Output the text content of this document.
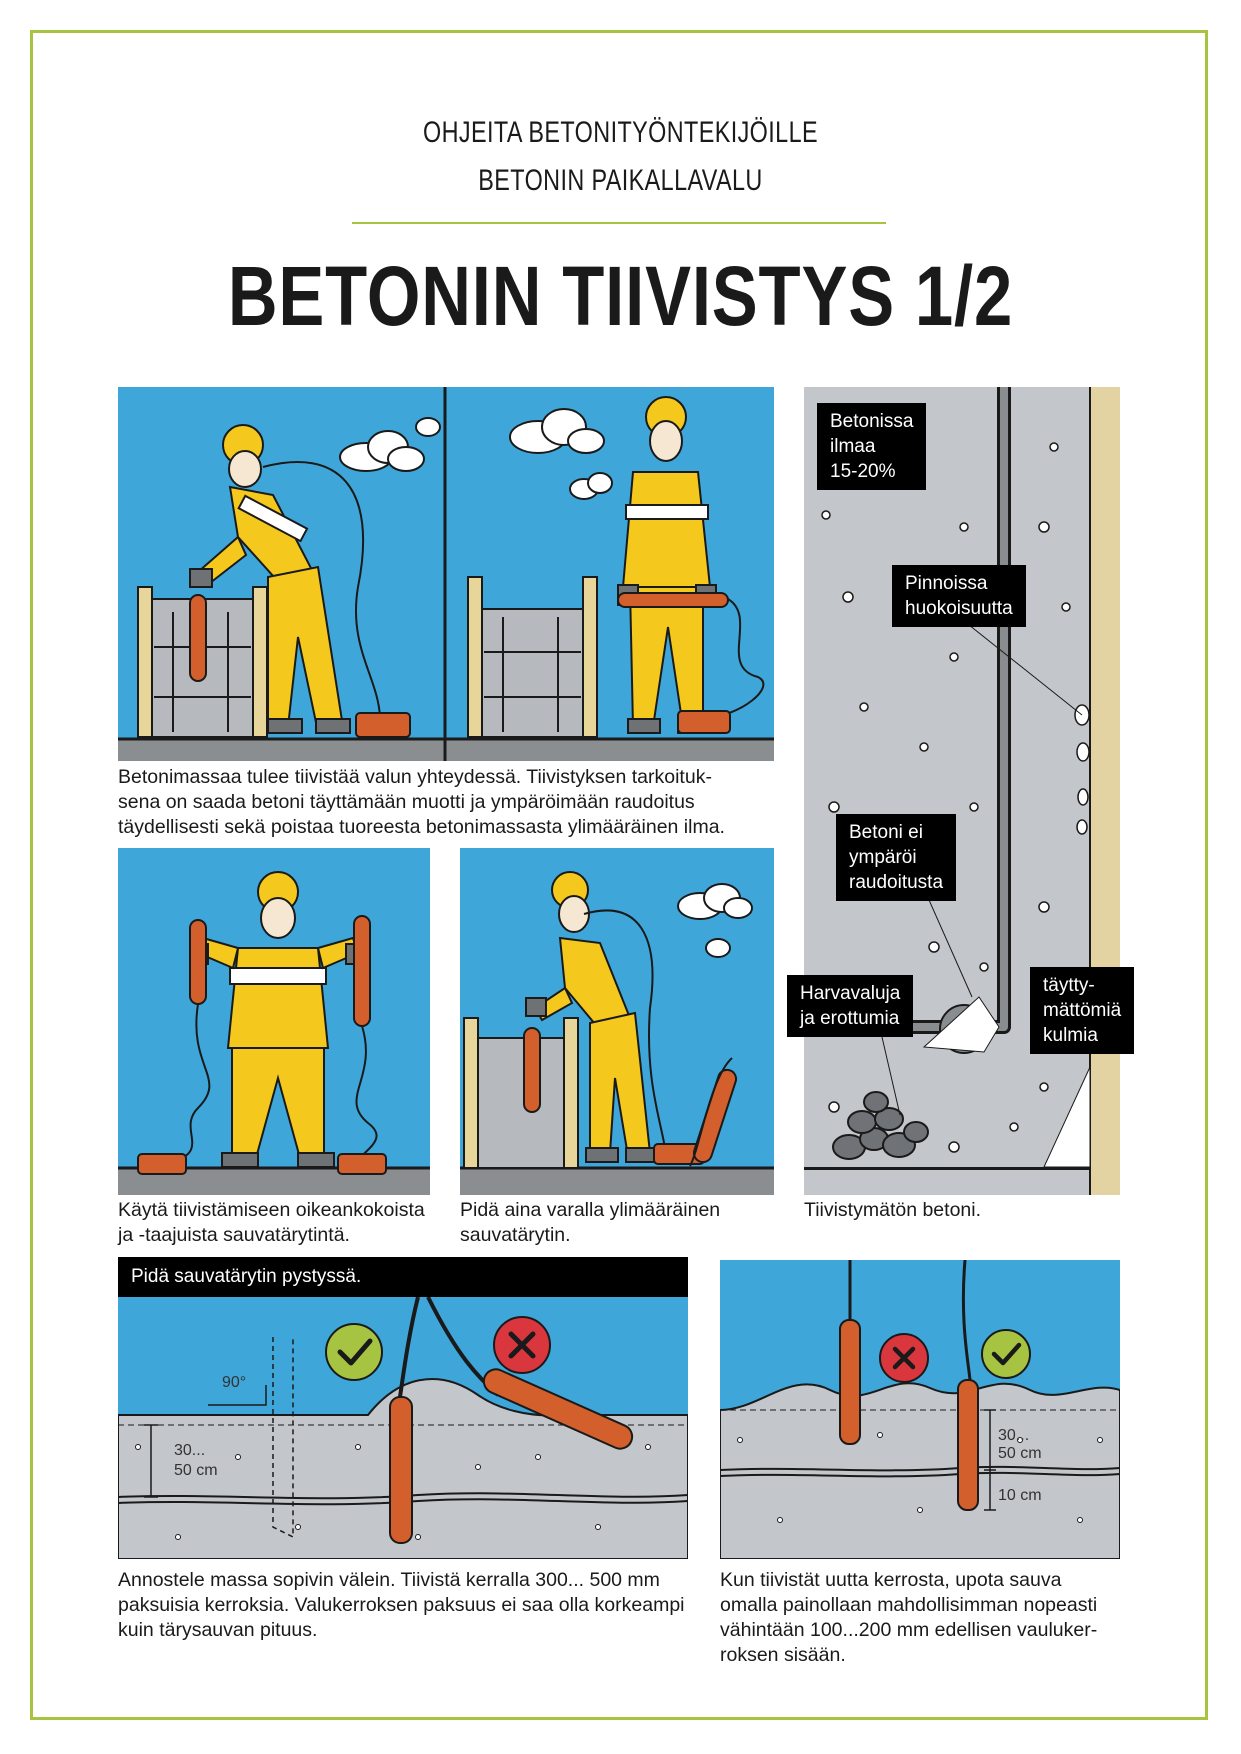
OHJEITA BETONITYÖNTEKIJÖILLE
BETONIN PAIKALLAVALU
BETONIN TIIVISTYS 1/2
Betonimassaa tulee tiivistää valun yhteydessä. Tiivistyksen tarkoituk-
sena on saada betoni täyttämään muotti ja ympäröimään raudoitus
täydellisesti sekä poistaa tuoreesta betonimassasta ylimääräinen ilma.
Käytä tiivistämiseen oikeankokoista
ja -taajuista sauvatärytintä.
Pidä aina varalla ylimääräinen
sauvatärytin.
Betonissa
ilmaa
15-20%
Pinnoissa
huokoisuutta
Betoni ei
ympäröi
raudoitusta
Harvavaluja
ja erottumia
täytty-
mättömiä
kulmia
Tiivistymätön betoni.
Pidä sauvatärytin pystyssä.
30...
50 cm
90°
Annostele massa sopivin välein. Tiivistä kerralla 300... 500 mm
paksuisia kerroksia. Valukerroksen paksuus ei saa olla korkeampi
kuin tärysauvan pituus.
30...
50 cm
10 cm
Kun tiivistät uutta kerrosta, upota sauva
omalla painollaan mahdollisimman nopeasti
vähintään 100...200 mm edellisen vauluker-
roksen sisään.
